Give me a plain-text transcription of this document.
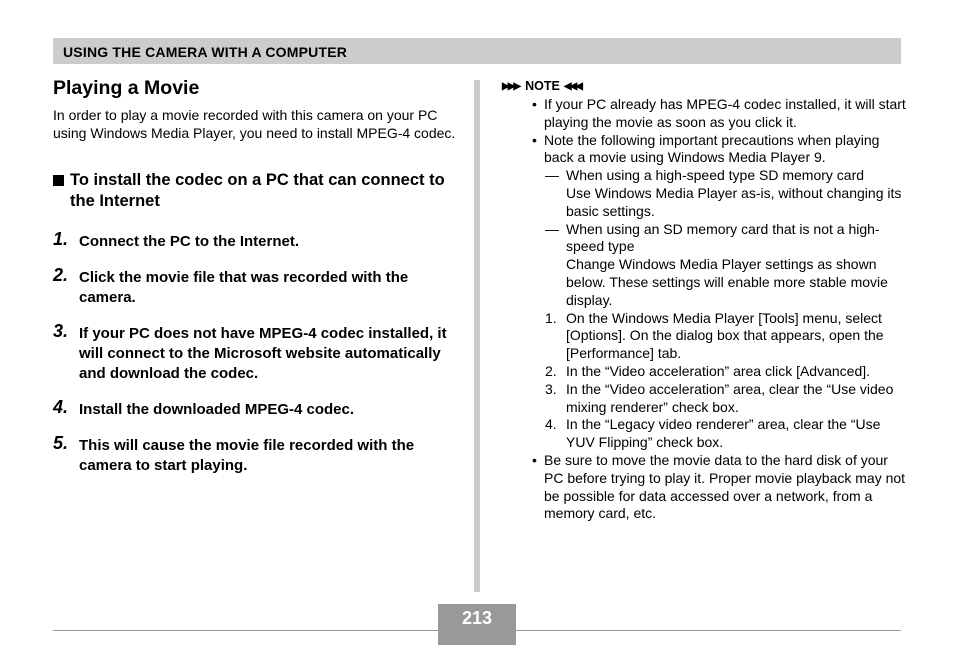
USING THE CAMERA WITH A COMPUTER
Playing a Movie

In order to play a movie recorded with this camera on your PC using Windows Media Player, you need to install MPEG-4 codec.

To install the codec on a PC that can connect to the Internet
1. Connect the PC to the Internet.
2. Click the movie file that was recorded with the camera.
3. If your PC does not have MPEG-4 codec installed, it will connect to the Microsoft website automatically and download the codec.
4. Install the downloaded MPEG-4 codec.
5. This will cause the movie file recorded with the camera to start playing.
▶▶▶ NOTE ◀◀◀
• If your PC already has MPEG-4 codec installed, it will start playing the movie as soon as you click it.
• Note the following important precautions when playing back a movie using Windows Media Player 9.
— When using a high-speed type SD memory card
Use Windows Media Player as-is, without changing its basic settings.
— When using an SD memory card that is not a high-speed type
Change Windows Media Player settings as shown below. These settings will enable more stable movie display.
1. On the Windows Media Player [Tools] menu, select [Options]. On the dialog box that appears, open the [Performance] tab.
2. In the “Video acceleration” area click [Advanced].
3. In the “Video acceleration” area, clear the “Use video mixing renderer” check box.
4. In the “Legacy video renderer” area, clear the “Use YUV Flipping” check box.
• Be sure to move the movie data to the hard disk of your PC before trying to play it. Proper movie playback may not be possible for data accessed over a network, from a memory card, etc.
213
